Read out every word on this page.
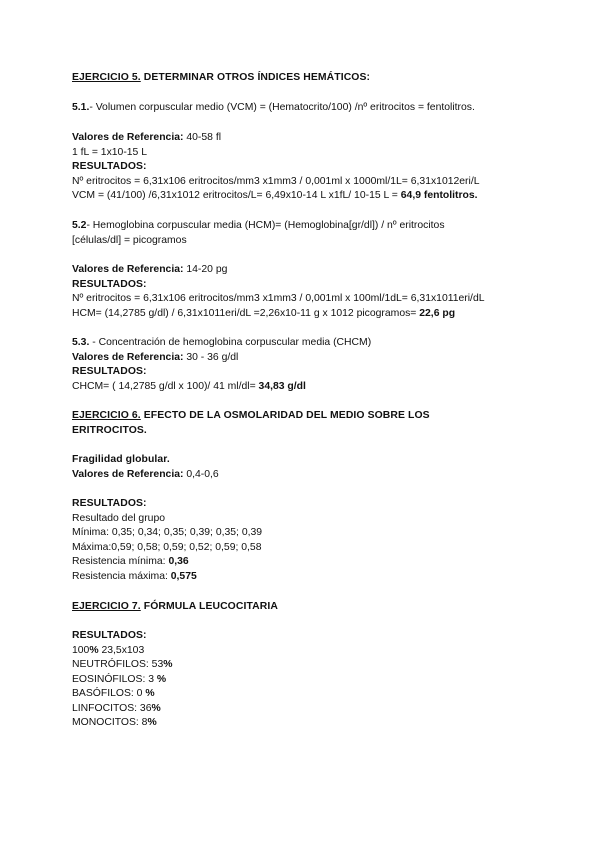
EJERCICIO 5. DETERMINAR OTROS ÍNDICES HEMÁTICOS:
5.1.- Volumen corpuscular medio (VCM) = (Hematocrito/100) /nº eritrocitos = fentolitros.
Valores de Referencia: 40-58 fl
1 fL = 1x10-15 L
RESULTADOS:
Nº eritrocitos = 6,31x106 eritrocitos/mm3 x1mm3 / 0,001ml x 1000ml/1L= 6,31x1012eri/L
VCM = (41/100) /6,31x1012 eritrocitos/L= 6,49x10-14 L x1fL/ 10-15 L = 64,9 fentolitros.
5.2- Hemoglobina corpuscular media (HCM)= (Hemoglobina[gr/dl]) / nº eritrocitos
[células/dl] = picogramos
Valores de Referencia: 14-20 pg
RESULTADOS:
Nº eritrocitos = 6,31x106 eritrocitos/mm3 x1mm3 / 0,001ml x 100ml/1dL= 6,31x1011eri/dL
HCM= (14,2785 g/dl) / 6,31x1011eri/dL =2,26x10-11 g x 1012 picogramos= 22,6 pg
5.3. - Concentración de hemoglobina corpuscular media (CHCM)
Valores de Referencia: 30 - 36 g/dl
RESULTADOS:
CHCM= ( 14,2785 g/dl x 100)/ 41 ml/dl= 34,83 g/dl
EJERCICIO 6. EFECTO DE LA OSMOLARIDAD DEL MEDIO SOBRE LOS
ERITROCITOS.
Fragilidad globular.
Valores de Referencia: 0,4-0,6
RESULTADOS:
Resultado del grupo
Mínima: 0,35; 0,34; 0,35; 0,39; 0,35; 0,39
Máxima:0,59; 0,58; 0,59; 0,52; 0,59; 0,58
Resistencia mínima: 0,36
Resistencia máxima: 0,575
EJERCICIO 7. FÓRMULA LEUCOCITARIA
RESULTADOS:
100% 23,5x103
NEUTRÓFILOS: 53%
EOSINÓFILOS: 3 %
BASÓFILOS: 0 %
LINFOCITOS: 36%
MONOCITOS: 8%
